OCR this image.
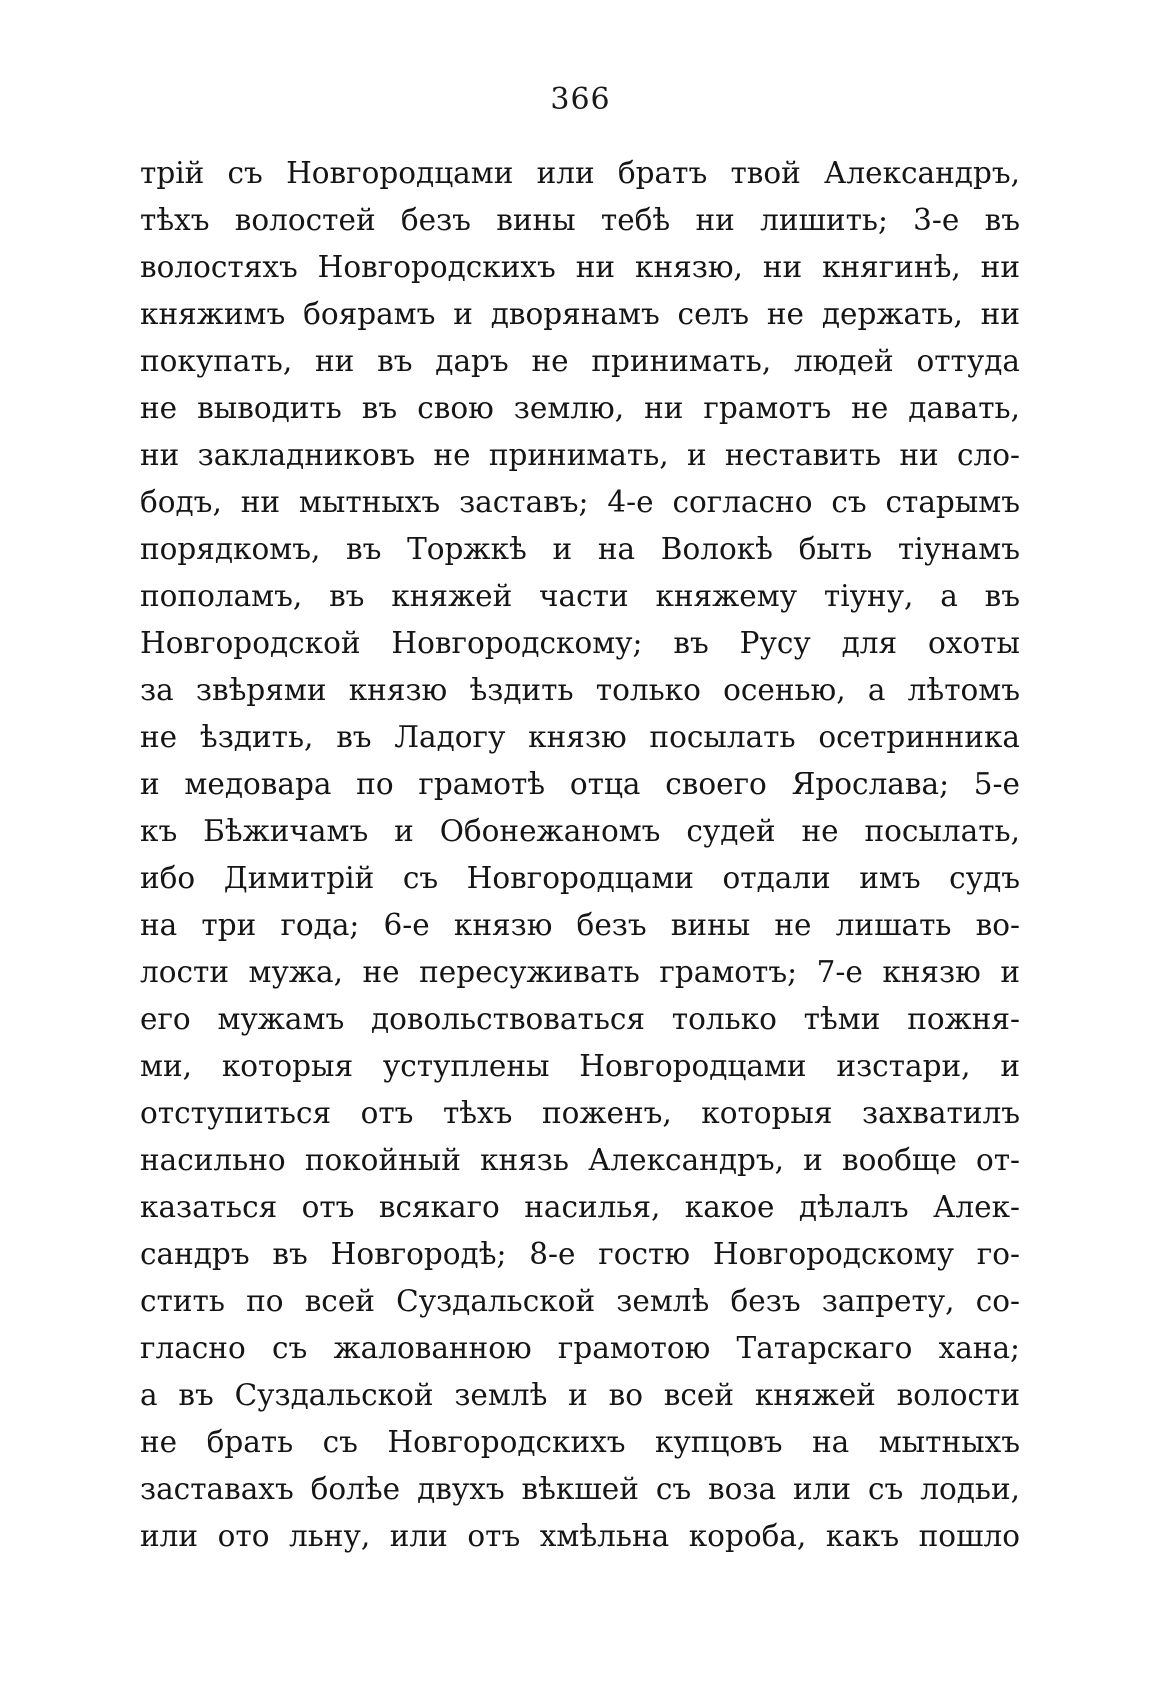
366
трій съ Новгородцами или братъ твой Александръ,
тѣхъ волостей безъ вины тебѣ ни лишить; 3-е въ
волостяхъ Новгородскихъ ни князю, ни княгинѣ, ни
княжимъ боярамъ и дворянамъ селъ не держать, ни
покупать, ни въ даръ не принимать, людей оттуда
не выводить въ свою землю, ни грамотъ не давать,
ни закладниковъ не принимать, и неставить ни сло-
бодъ, ни мытныхъ заставъ; 4-е согласно съ старымъ
порядкомъ, въ Торжкѣ и на Волокѣ быть тіунамъ
пополамъ, въ княжей части княжему тіуну, а въ
Новгородской Новгородскому; въ Русу для охоты
за звѣрями князю ѣздить только осенью, а лѣтомъ
не ѣздить, въ Ладогу князю посылать осетринника
и медовара по грамотѣ отца своего Ярослава; 5-е
къ Бѣжичамъ и Обонежаномъ судей не посылать,
ибо Димитрій съ Новгородцами отдали имъ судъ
на три года; 6-е князю безъ вины не лишать во-
лости мужа, не пересуживать грамотъ; 7-е князю и
его мужамъ довольствоваться только тѣми пожня-
ми, которыя уступлены Новгородцами изстари, и
отступиться отъ тѣхъ поженъ, которыя захватилъ
насильно покойный князь Александръ, и вообще от-
казаться отъ всякаго насилья, какое дѣлалъ Алек-
сандръ въ Новгородѣ; 8-е гостю Новгородскому го-
стить по всей Суздальской землѣ безъ запрету, со-
гласно съ жалованною грамотою Татарскаго хана;
а въ Суздальской землѣ и во всей княжей волости
не брать съ Новгородскихъ купцовъ на мытныхъ
заставахъ болѣе двухъ вѣкшей съ воза или съ лодьи,
или ото льну, или отъ хмѣльна короба, какъ пошло
